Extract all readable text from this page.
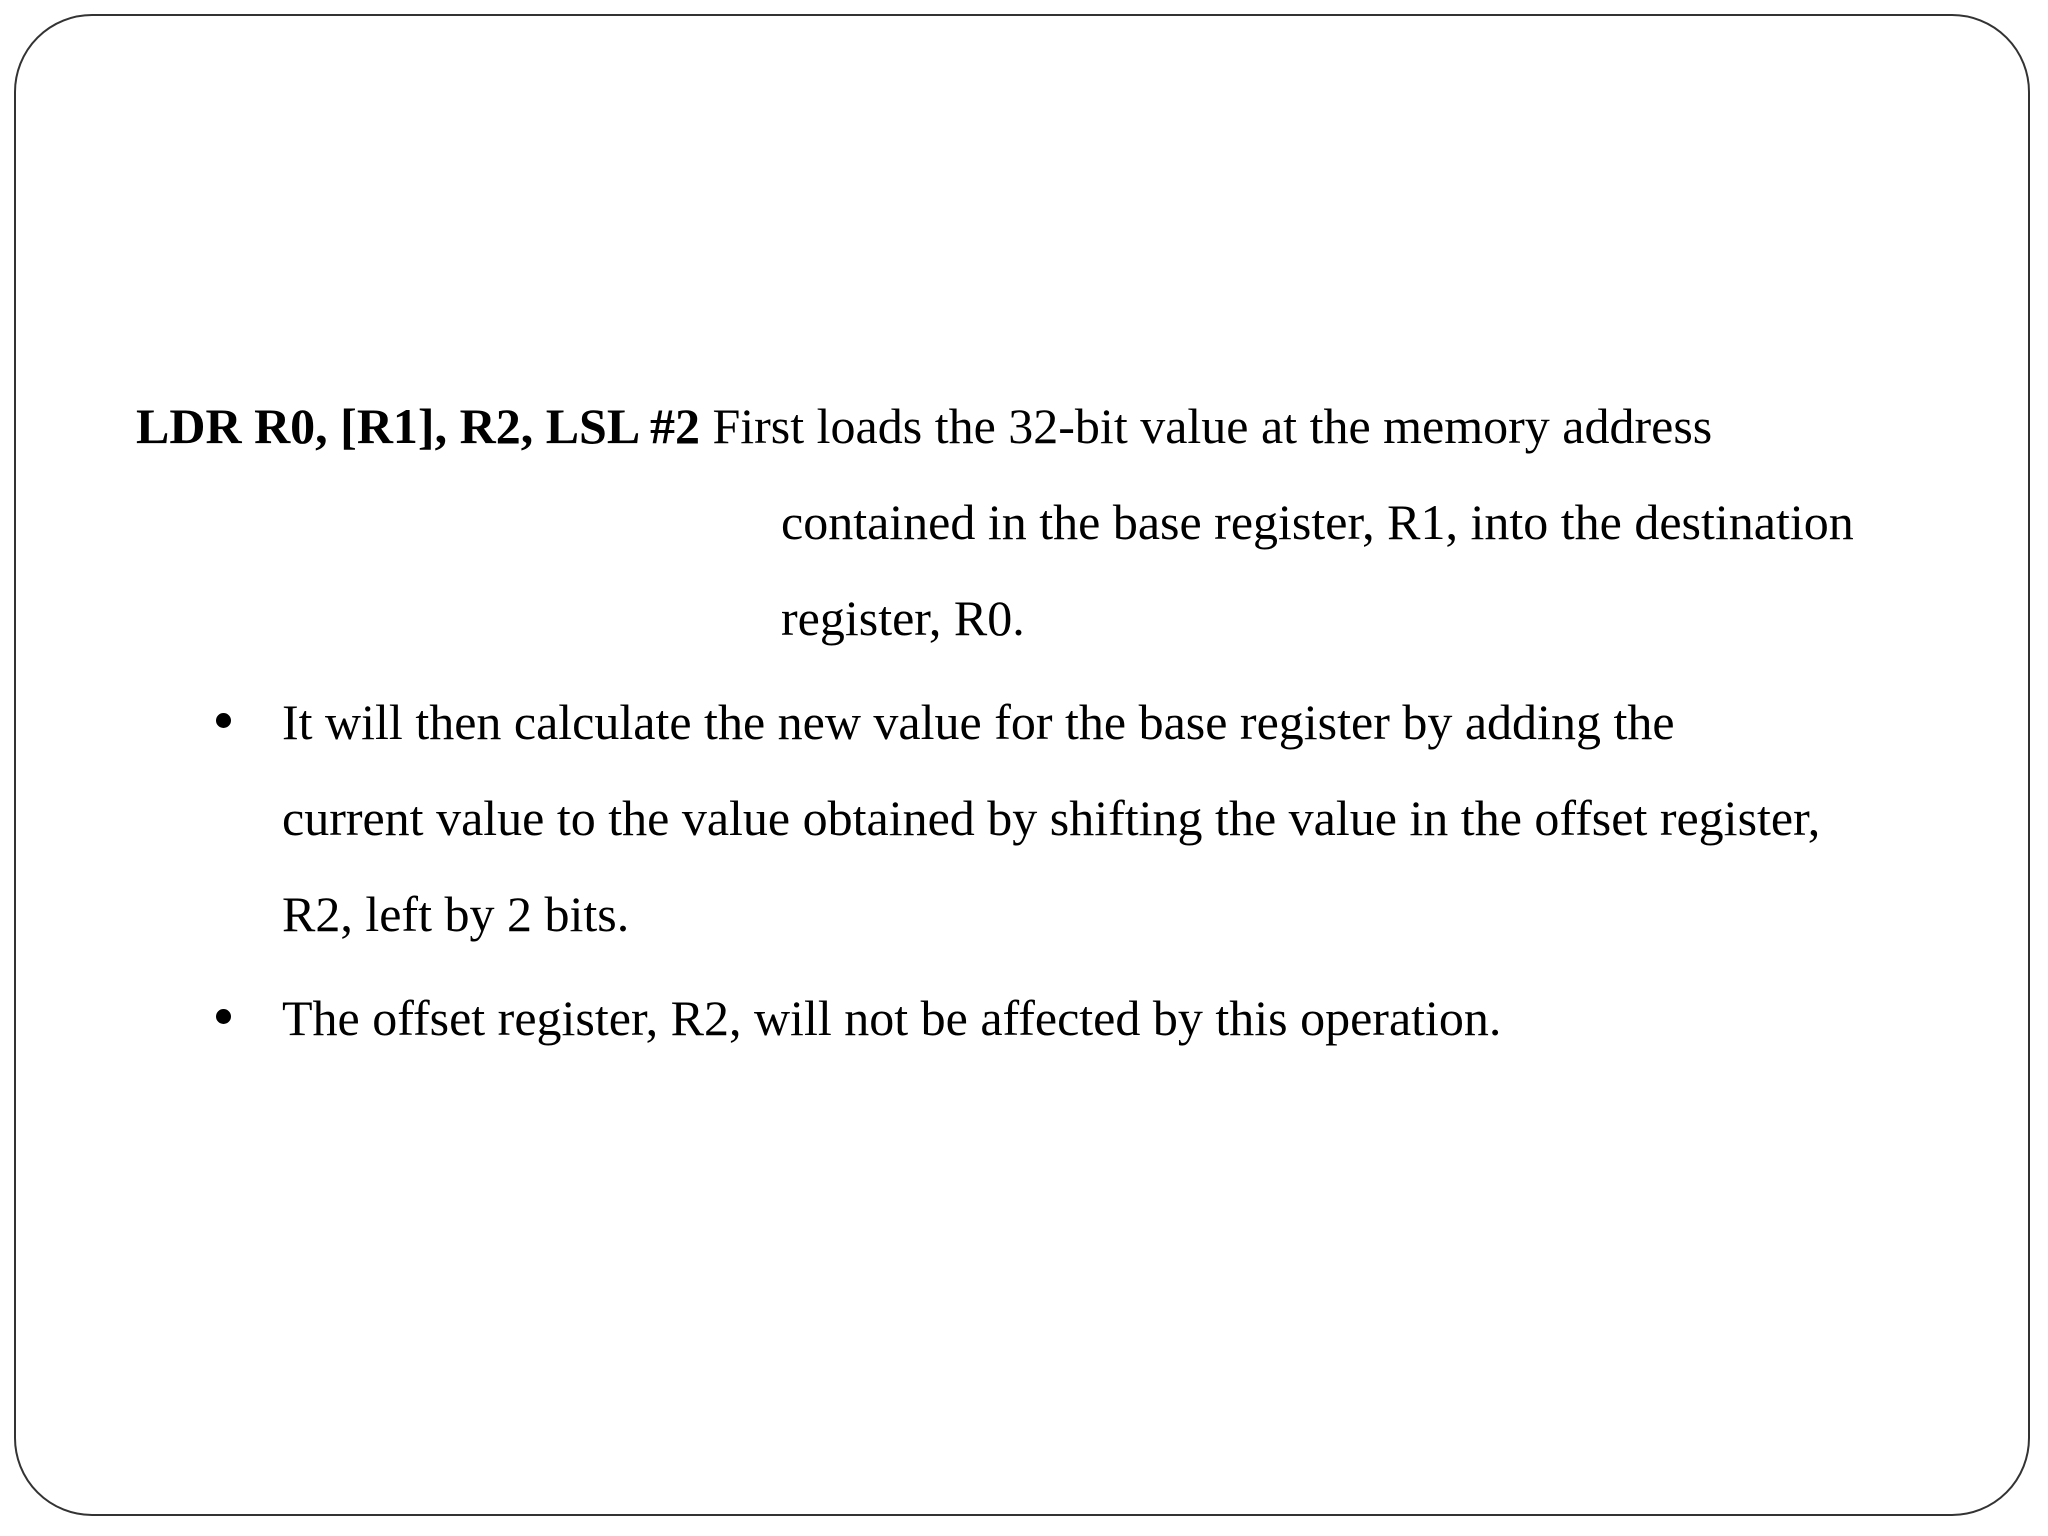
LDR R0, [R1], R2, LSL #2 First loads the 32-bit value at the memory address
contained in the base register, R1, into the destination
register, R0.
It will then calculate the new value for the base register by adding the
current value to the value obtained by shifting the value in the offset register,
R2, left by 2 bits.
The offset register, R2, will not be affected by this operation.
